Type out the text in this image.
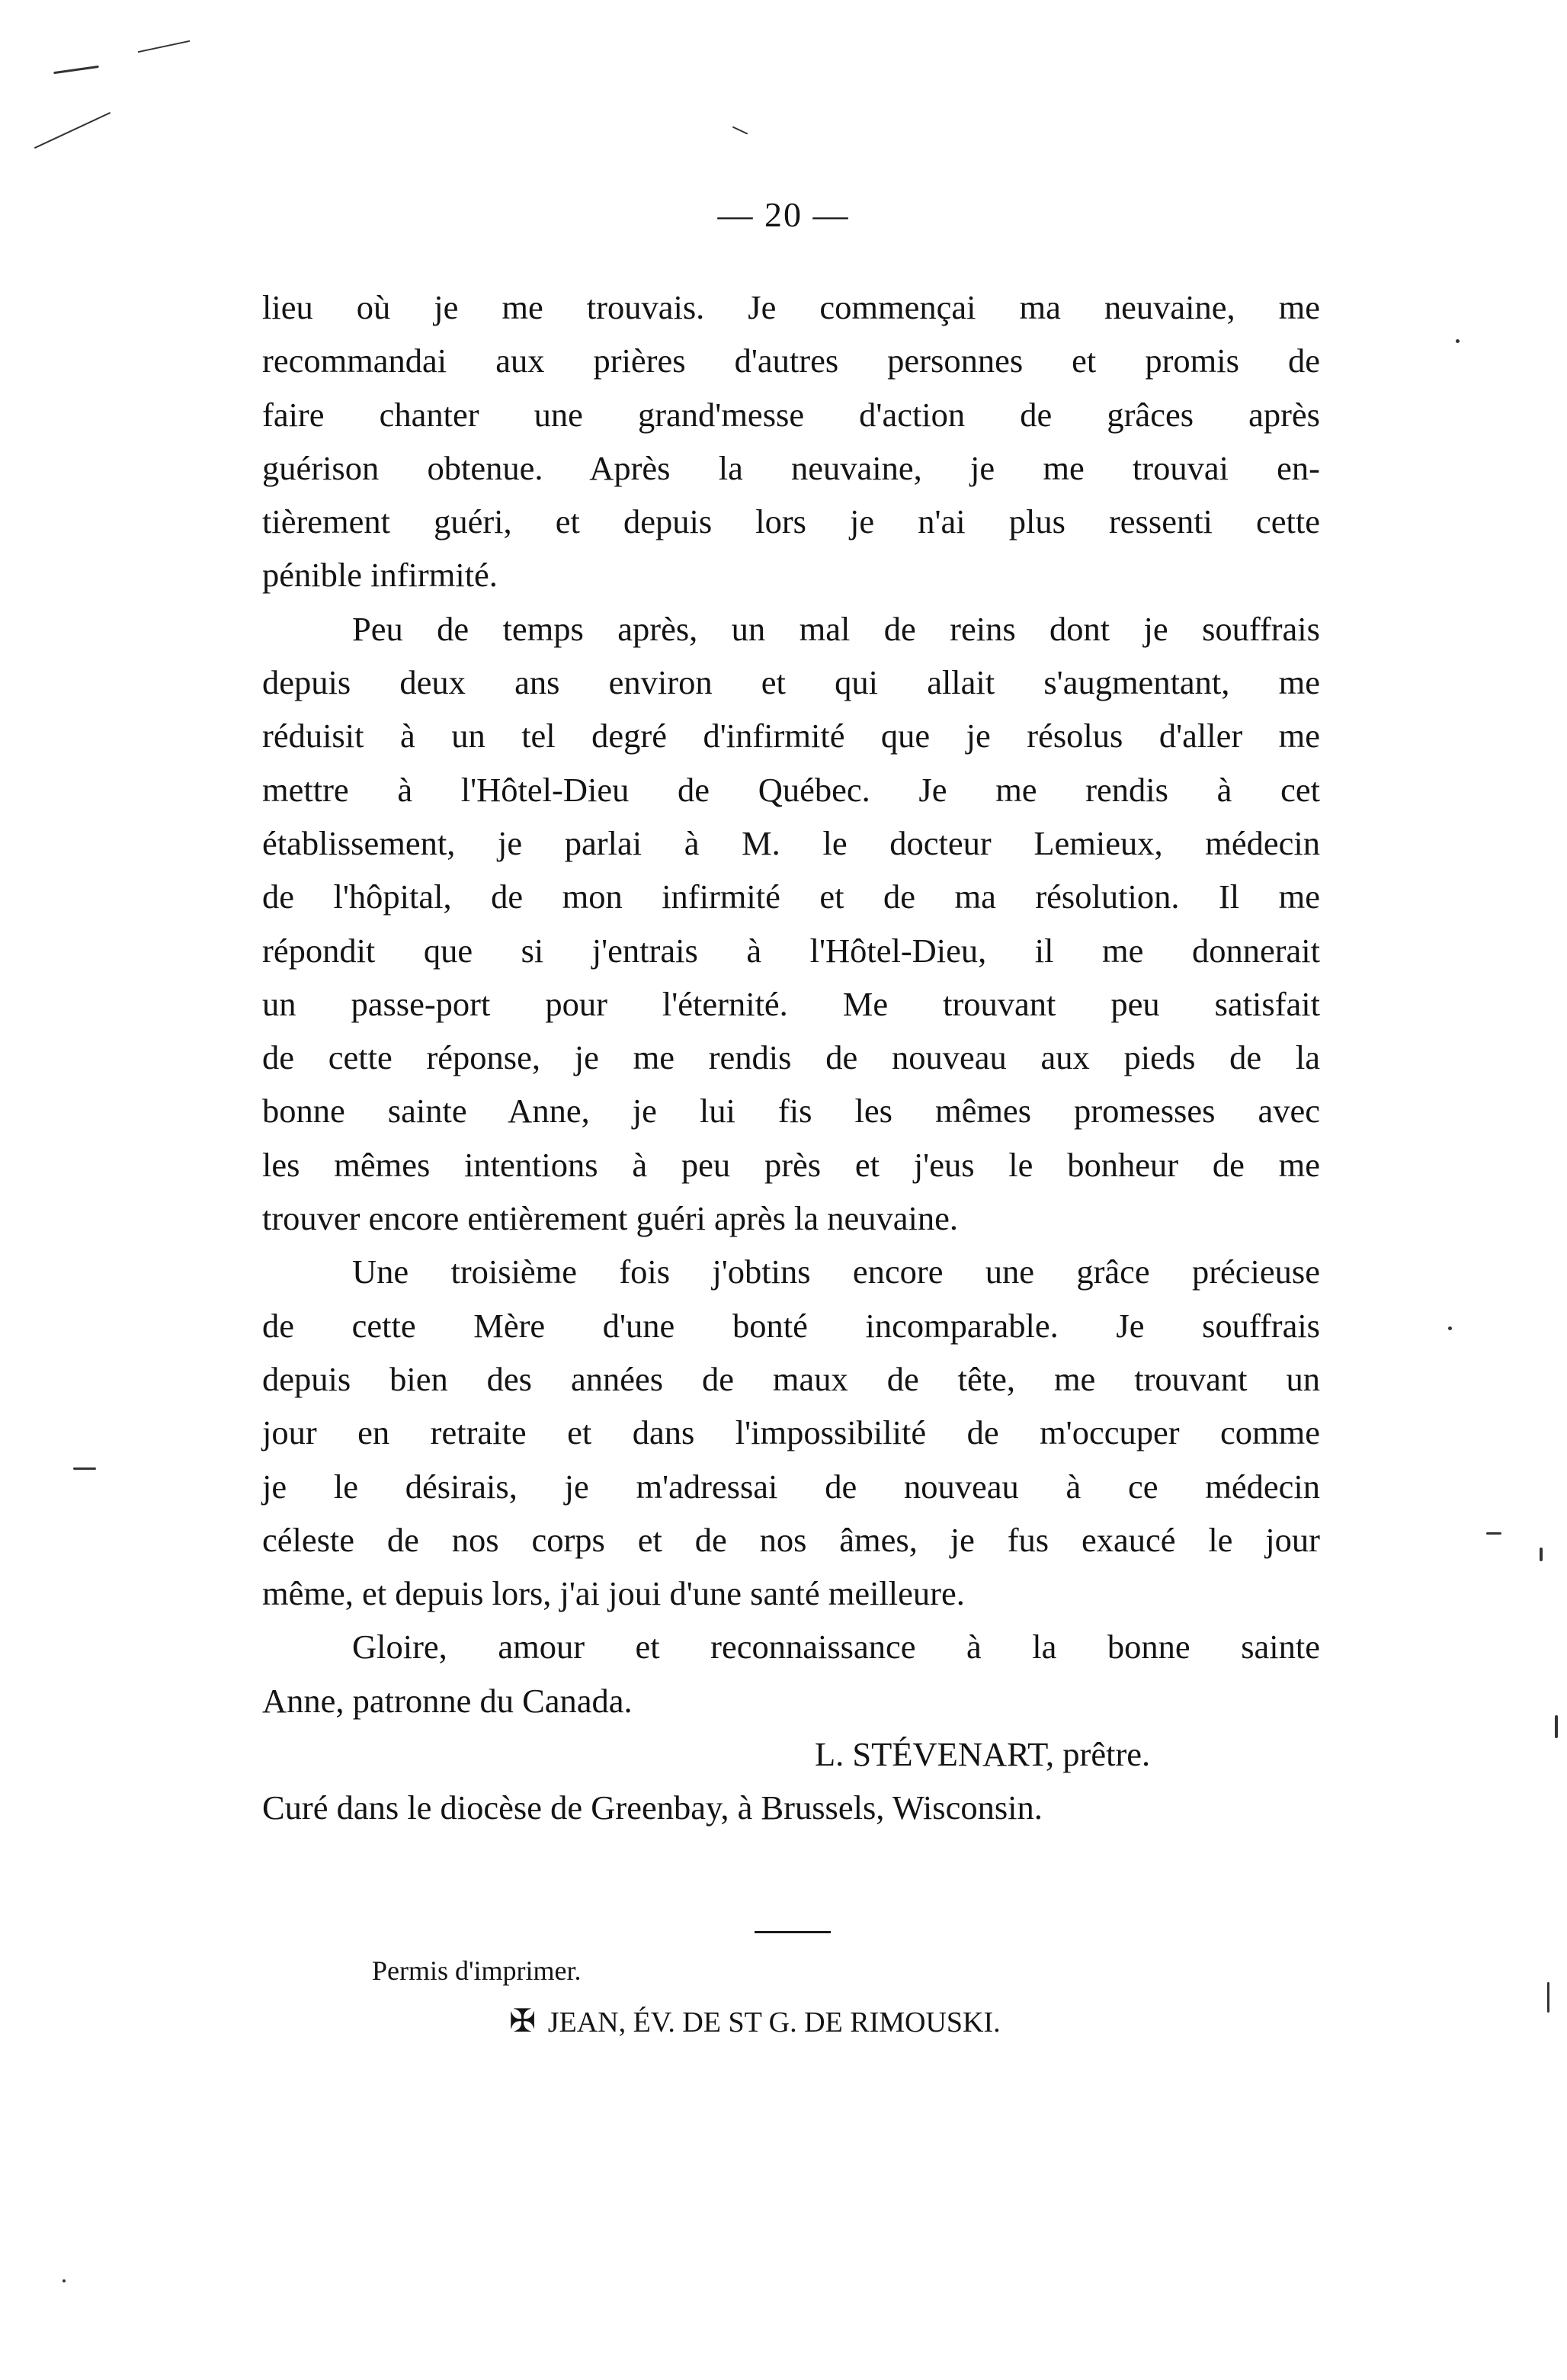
— 20 —
lieu où je me trouvais. Je commençai ma neuvaine, me
recommandai aux prières d'autres personnes et promis de
faire chanter une grand'messe d'action de grâces après
guérison obtenue. Après la neuvaine, je me trouvai en-
tièrement guéri, et depuis lors je n'ai plus ressenti cette
pénible infirmité.
Peu de temps après, un mal de reins dont je souffrais
depuis deux ans environ et qui allait s'augmentant, me
réduisit à un tel degré d'infirmité que je résolus d'aller me
mettre à l'Hôtel-Dieu de Québec. Je me rendis à cet
établissement, je parlai à M. le docteur Lemieux, médecin
de l'hôpital, de mon infirmité et de ma résolution. Il me
répondit que si j'entrais à l'Hôtel-Dieu, il me donnerait
un passe-port pour l'éternité. Me trouvant peu satisfait
de cette réponse, je me rendis de nouveau aux pieds de la
bonne sainte Anne, je lui fis les mêmes promesses avec
les mêmes intentions à peu près et j'eus le bonheur de me
trouver encore entièrement guéri après la neuvaine.
Une troisième fois j'obtins encore une grâce précieuse
de cette Mère d'une bonté incomparable. Je souffrais
depuis bien des années de maux de tête, me trouvant un
jour en retraite et dans l'impossibilité de m'occuper comme
je le désirais, je m'adressai de nouveau à ce médecin
céleste de nos corps et de nos âmes, je fus exaucé le jour
même, et depuis lors, j'ai joui d'une santé meilleure.
Gloire, amour et reconnaissance à la bonne sainte
Anne, patronne du Canada.
L. STÉVENART, prêtre.
Curé dans le diocèse de Greenbay, à Brussels, Wisconsin.
Permis d'imprimer.
✠ JEAN, ÉV. DE ST G. DE RIMOUSKI.
